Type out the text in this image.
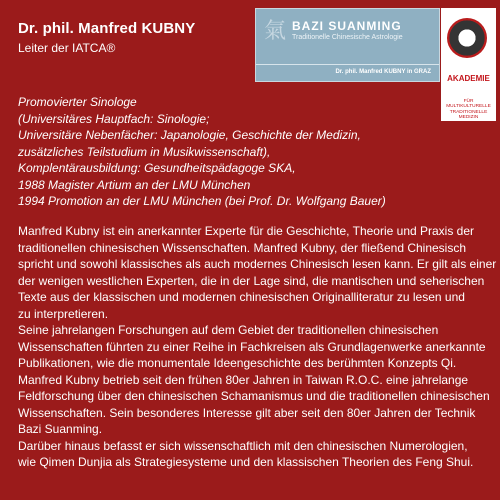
Dr. phil. Manfred KUBNY
Leiter der IATCA®
氣 BAZI SUANMING
Traditionelle Chinesische Astrologie
Dr. phil. Manfred KUBNY in GRAZ
AKADEMIE
FÜR MULTIKULTURELLE TRADITIONELLE MEDIZIN
Promovierter Sinologe
(Universitäres Hauptfach: Sinologie;
Universitäre Nebenfächer: Japanologie, Geschichte der Medizin,
zusätzliches Teilstudium in Musikwissenschaft),
Komplentärausbildung: Gesundheitspädagoge SKA,
1988 Magister Artium an der LMU München
1994 Promotion an der LMU München (bei Prof. Dr. Wolfgang Bauer)
Manfred Kubny ist ein anerkannter Experte für die Geschichte, Theorie und Praxis der
traditionellen chinesischen Wissenschaften. Manfred Kubny, der fließend Chinesisch
spricht und sowohl klassisches als auch modernes Chinesisch lesen kann. Er gilt als einer
der wenigen westlichen Experten, die in der Lage sind, die mantischen und seherischen
Texte aus der klassischen und modernen chinesischen Originalliteratur zu lesen und
zu interpretieren.
Seine jahrelangen Forschungen auf dem Gebiet der traditionellen chinesischen
Wissenschaften führten zu einer Reihe in Fachkreisen als Grundlagenwerke anerkannte
Publikationen, wie die monumentale Ideengeschichte des berühmten Konzepts Qi.
Manfred Kubny betrieb seit den frühen 80er Jahren in Taiwan R.O.C. eine jahrelange
Feldforschung über den chinesischen Schamanismus und die traditionellen chinesischen
Wissenschaften. Sein besonderes Interesse gilt aber seit den 80er Jahren der Technik
Bazi Suanming.
Darüber hinaus befasst er sich wissenschaftlich mit den chinesischen Numerologien,
wie Qimen Dunjia als Strategiesysteme und den klassischen Theorien des Feng Shui.
